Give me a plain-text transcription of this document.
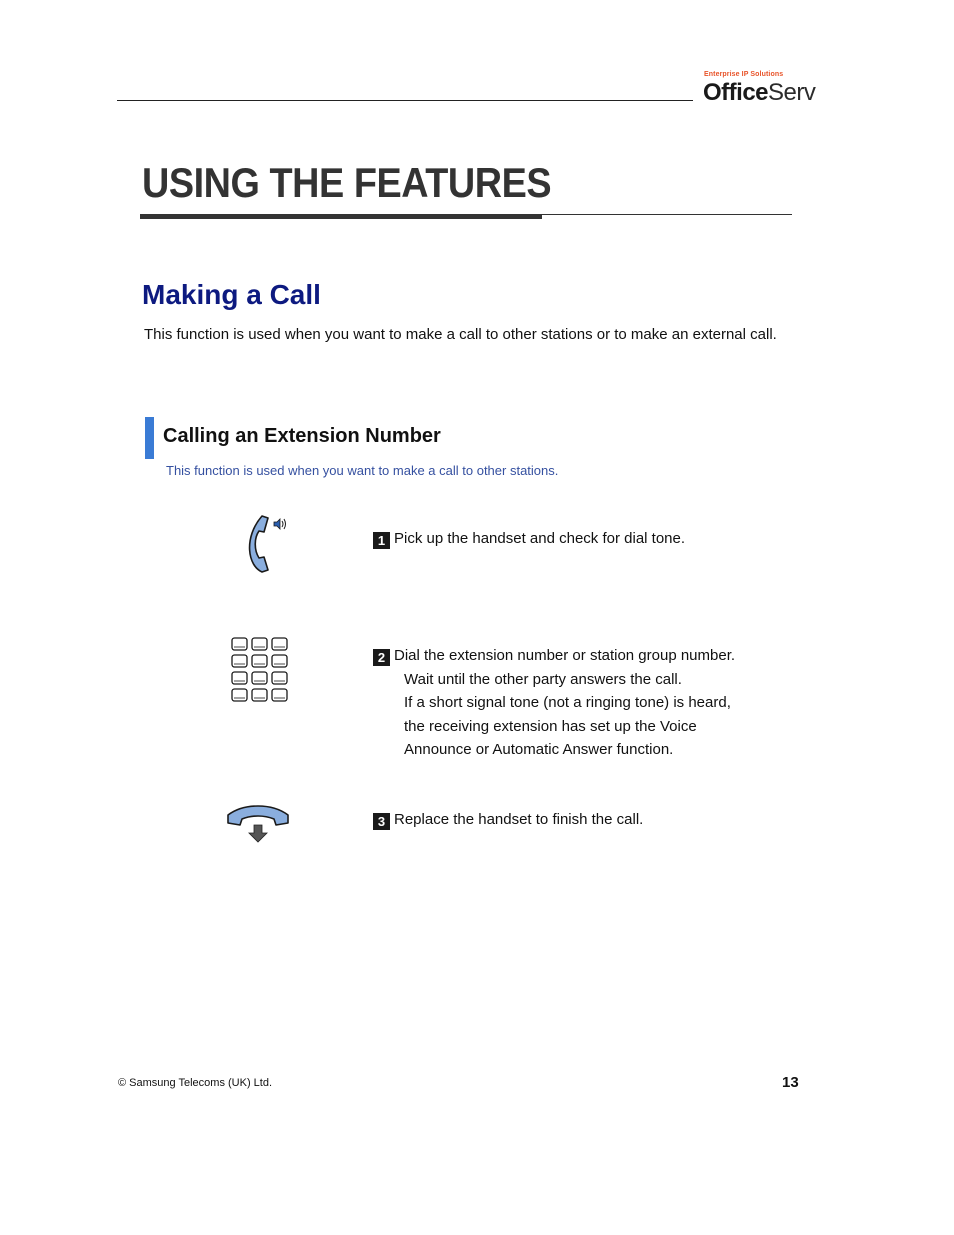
Enterprise IP Solutions
OfficeServ
USING THE FEATURES
Making a Call
This function is used when you want to make a call to other stations or to make an external call.
Calling an Extension Number
This function is used when you want to make a call to other stations.
1 Pick up the handset and check for dial tone.
2 Dial the extension number or station group number.
Wait until the other party answers the call.
If a short signal tone (not a ringing tone) is heard,
the receiving extension has set up the Voice
Announce or Automatic Answer function.
3 Replace the handset to finish the call.
© Samsung Telecoms (UK) Ltd.	13
